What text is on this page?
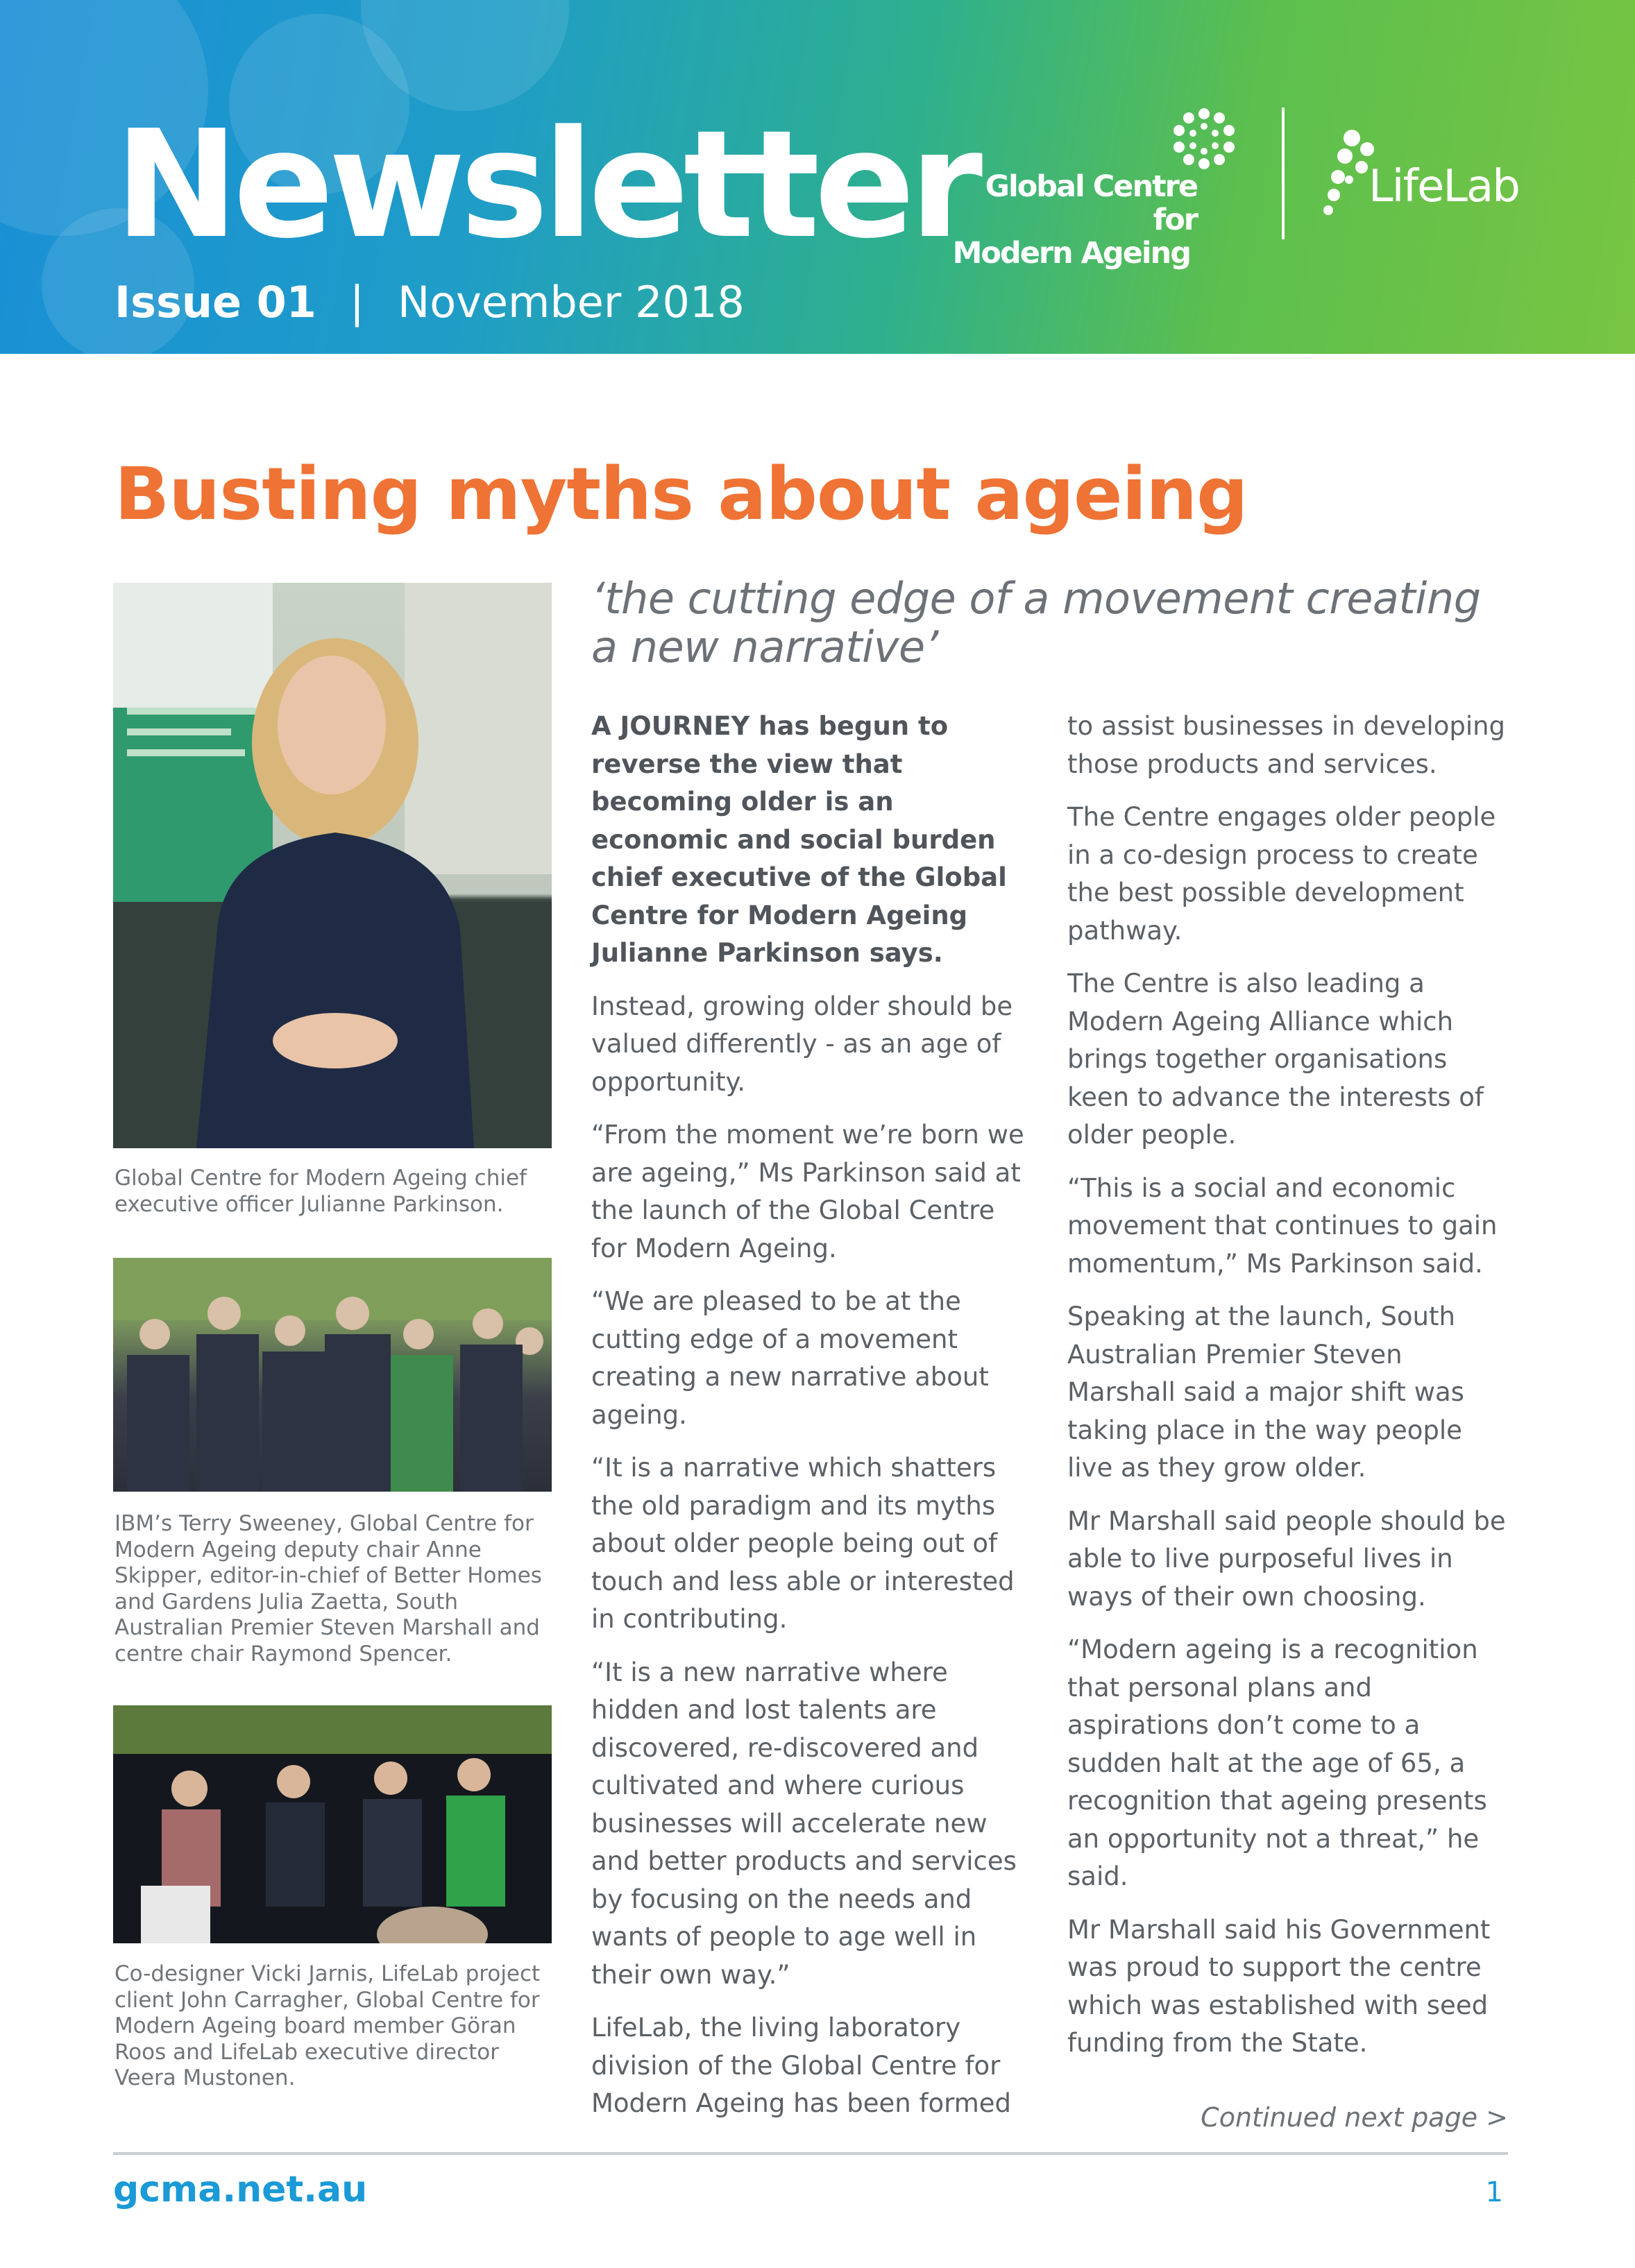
Newsletter
Issue 01 | November 2018
Global Centre for
Modern Ageing
LifeLab
Busting myths about ageing

Global Centre for Modern Ageing chief executive officer Julianne Parkinson.

IBM’s Terry Sweeney, Global Centre for Modern Ageing deputy chair Anne Skipper, editor-in-chief of Better Homes and Gardens Julia Zaetta, South Australian Premier Steven Marshall and centre chair Raymond Spencer.

Co-designer Vicki Jarnis, LifeLab project client John Carragher, Global Centre for Modern Ageing board member Göran Roos and LifeLab executive director Veera Mustonen.

‘the cutting edge of a movement creating a new narrative’

A JOURNEY has begun to reverse the view that becoming older is an economic and social burden chief executive of the Global Centre for Modern Ageing Julianne Parkinson says.

Instead, growing older should be valued differently - as an age of opportunity.

“From the moment we’re born we are ageing,” Ms Parkinson said at the launch of the Global Centre for Modern Ageing.

“We are pleased to be at the cutting edge of a movement creating a new narrative about ageing.

“It is a narrative which shatters the old paradigm and its myths about older people being out of touch and less able or interested in contributing.

“It is a new narrative where hidden and lost talents are discovered, re-discovered and cultivated and where curious businesses will accelerate new and better products and services by focusing on the needs and wants of people to age well in their own way.”

LifeLab, the living laboratory division of the Global Centre for Modern Ageing has been formed

to assist businesses in developing those products and services.

The Centre engages older people in a co-design process to create the best possible development pathway.

The Centre is also leading a Modern Ageing Alliance which brings together organisations keen to advance the interests of older people.

“This is a social and economic movement that continues to gain momentum,” Ms Parkinson said.

Speaking at the launch, South Australian Premier Steven Marshall said a major shift was taking place in the way people live as they grow older.

Mr Marshall said people should be able to live purposeful lives in ways of their own choosing.

“Modern ageing is a recognition that personal plans and aspirations don’t come to a sudden halt at the age of 65, a recognition that ageing presents an opportunity not a threat,” he said.

Mr Marshall said his Government was proud to support the centre which was established with seed funding from the State.

Continued next page >
gcma.net.au	1
